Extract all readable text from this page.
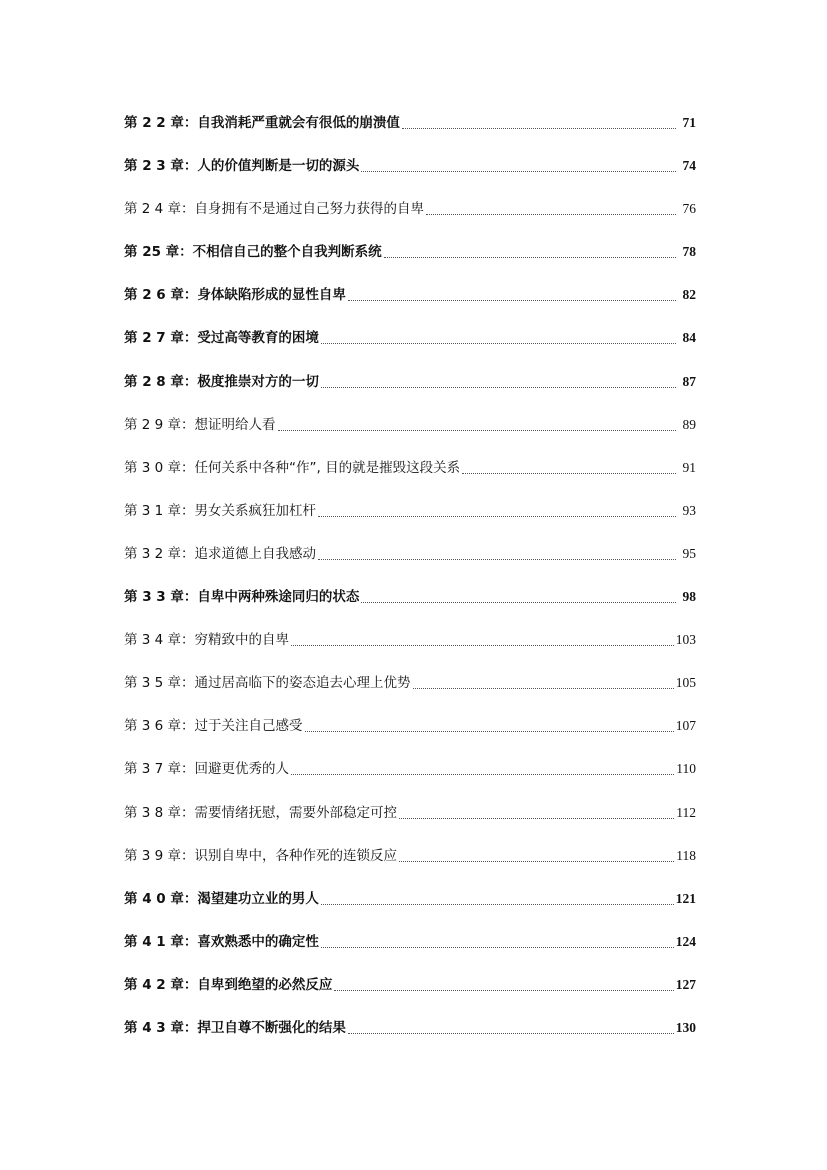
第 2 2 章：自我消耗严重就会有很低的崩溃值	71
第 2 3 章：人的价值判断是一切的源头	74
第 2 4 章：自身拥有不是通过自己努力获得的自卑	76
第 25 章：不相信自己的整个自我判断系统	78
第 2 6 章：身体缺陷形成的显性自卑	82
第 2 7 章：受过高等教育的困境	84
第 2 8 章：极度推崇对方的一切	87
第 2 9 章：想证明给人看	89
第 3 0 章：任何关系中各种“作”, 目的就是摧毁这段关系	91
第 3 1 章：男女关系疯狂加杠杆	93
第 3 2 章：追求道德上自我感动	95
第 3 3 章：自卑中两种殊途同归的状态	98
第 3 4 章：穷精致中的自卑	103
第 3 5 章：通过居高临下的姿态追去心理上优势	105
第 3 6 章：过于关注自己感受	107
第 3 7 章：回避更优秀的人	110
第 3 8 章：需要情绪抚慰，需要外部稳定可控	112
第 3 9 章：识别自卑中，各种作死的连锁反应	118
第 4 0 章：渴望建功立业的男人	121
第 4 1 章：喜欢熟悉中的确定性	124
第 4 2 章：自卑到绝望的必然反应	127
第 4 3 章：捍卫自尊不断强化的结果	130
